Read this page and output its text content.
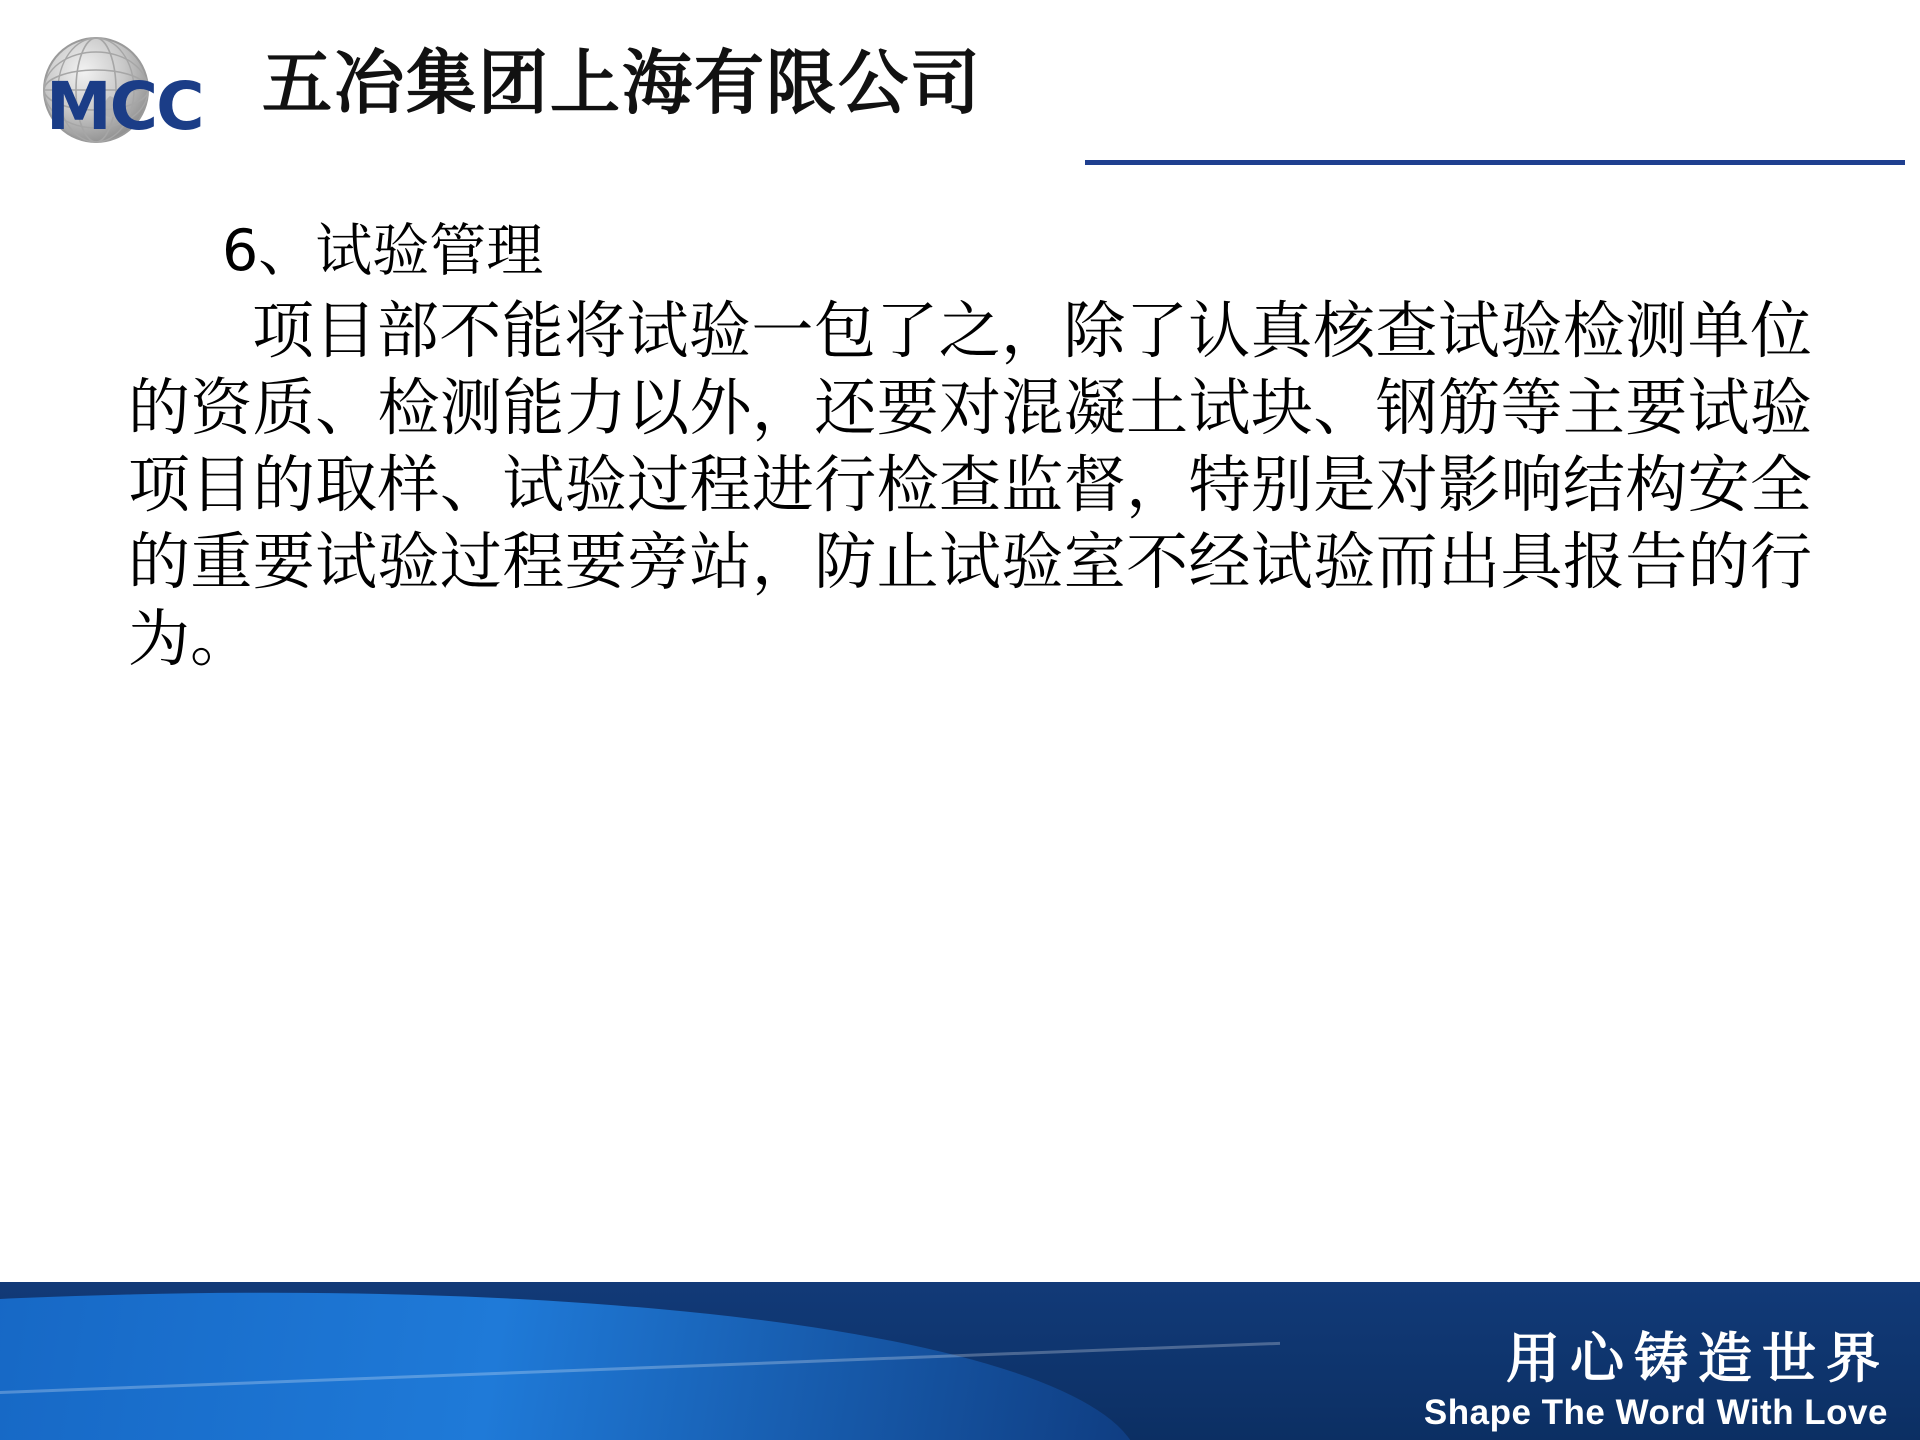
MCC 五冶集团上海有限公司
6、试验管理

项目部不能将试验一包了之，除了认真核查试验检测单位的资质、检测能力以外，还要对混凝土试块、钢筋等主要试验项目的取样、试验过程进行检查监督，特别是对影响结构安全的重要试验过程要旁站，防止试验室不经试验而出具报告的行为。

用心铸造世界
Shape The Word With Love
